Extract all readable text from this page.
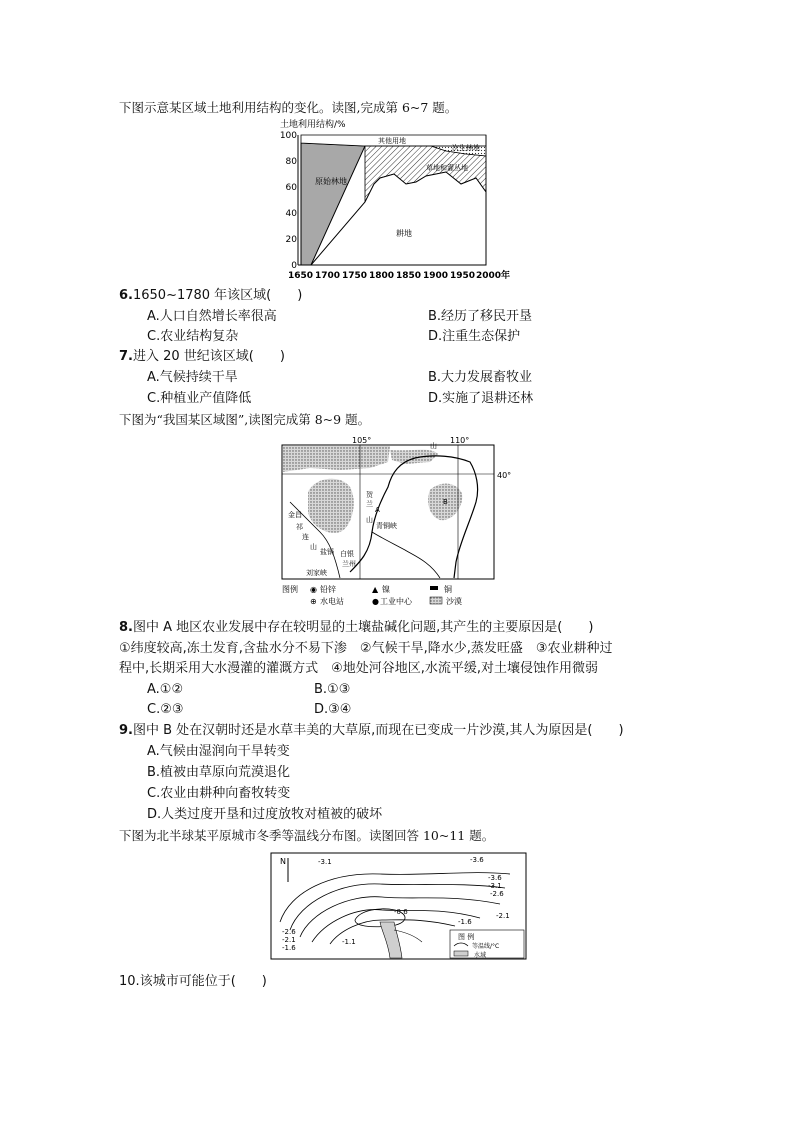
下图示意某区域土地利用结构的变化。读图,完成第 6~7 题。
土地利用结构/%
100
80
60
40
20
0
其他用地
次生林地
草地和灌丛地
原始林地
耕地
1650 1700 1750 1800 1850 1900 1950 2000年
6.1650~1780 年该区域(　　)
A.人口自然增长率很高	B.经历了移民开垦
C.农业结构复杂	D.注重生态保护
7.进入 20 世纪该区域(　　)
A.气候持续干旱	B.大力发展畜牧业
C.种植业产值降低	D.实施了退耕还林
下图为“我国某区域图”,读图完成第 8~9 题。
105°	110°
40°
A
B
金昌
祁
连
山
贺
兰
山
青铜峡
盐锅 白银
兰州
刘家峡
山
图例 ◉ 铅锌	▲ 镍	铜
⊕ 水电站	● 工业中心	沙漠
8.图中 A 地区农业发展中存在较明显的土壤盐碱化问题,其产生的主要原因是(　　)
①纬度较高,冻土发育,含盐水分不易下渗　②气候干旱,降水少,蒸发旺盛　③农业耕种过
程中,长期采用大水漫灌的灌溉方式　④地处河谷地区,水流平缓,对土壤侵蚀作用微弱
A.①②	B.①③
C.②③	D.③④
9.图中 B 处在汉朝时还是水草丰美的大草原,而现在已变成一片沙漠,其人为原因是(　　)
A.气候由湿润向干旱转变
B.植被由草原向荒漠退化
C.农业由耕种向畜牧转变
D.人类过度开垦和过度放牧对植被的破坏
下图为北半球某平原城市冬季等温线分布图。读图回答 10~11 题。
N	-3.1	-3.6
-3.6
-3.1
-2.6
-2.1
-1.6
-0.6
-2.6
-2.1
-1.6
-1.1
图 例
等温线/°C
水域
10.该城市可能位于(　　)
